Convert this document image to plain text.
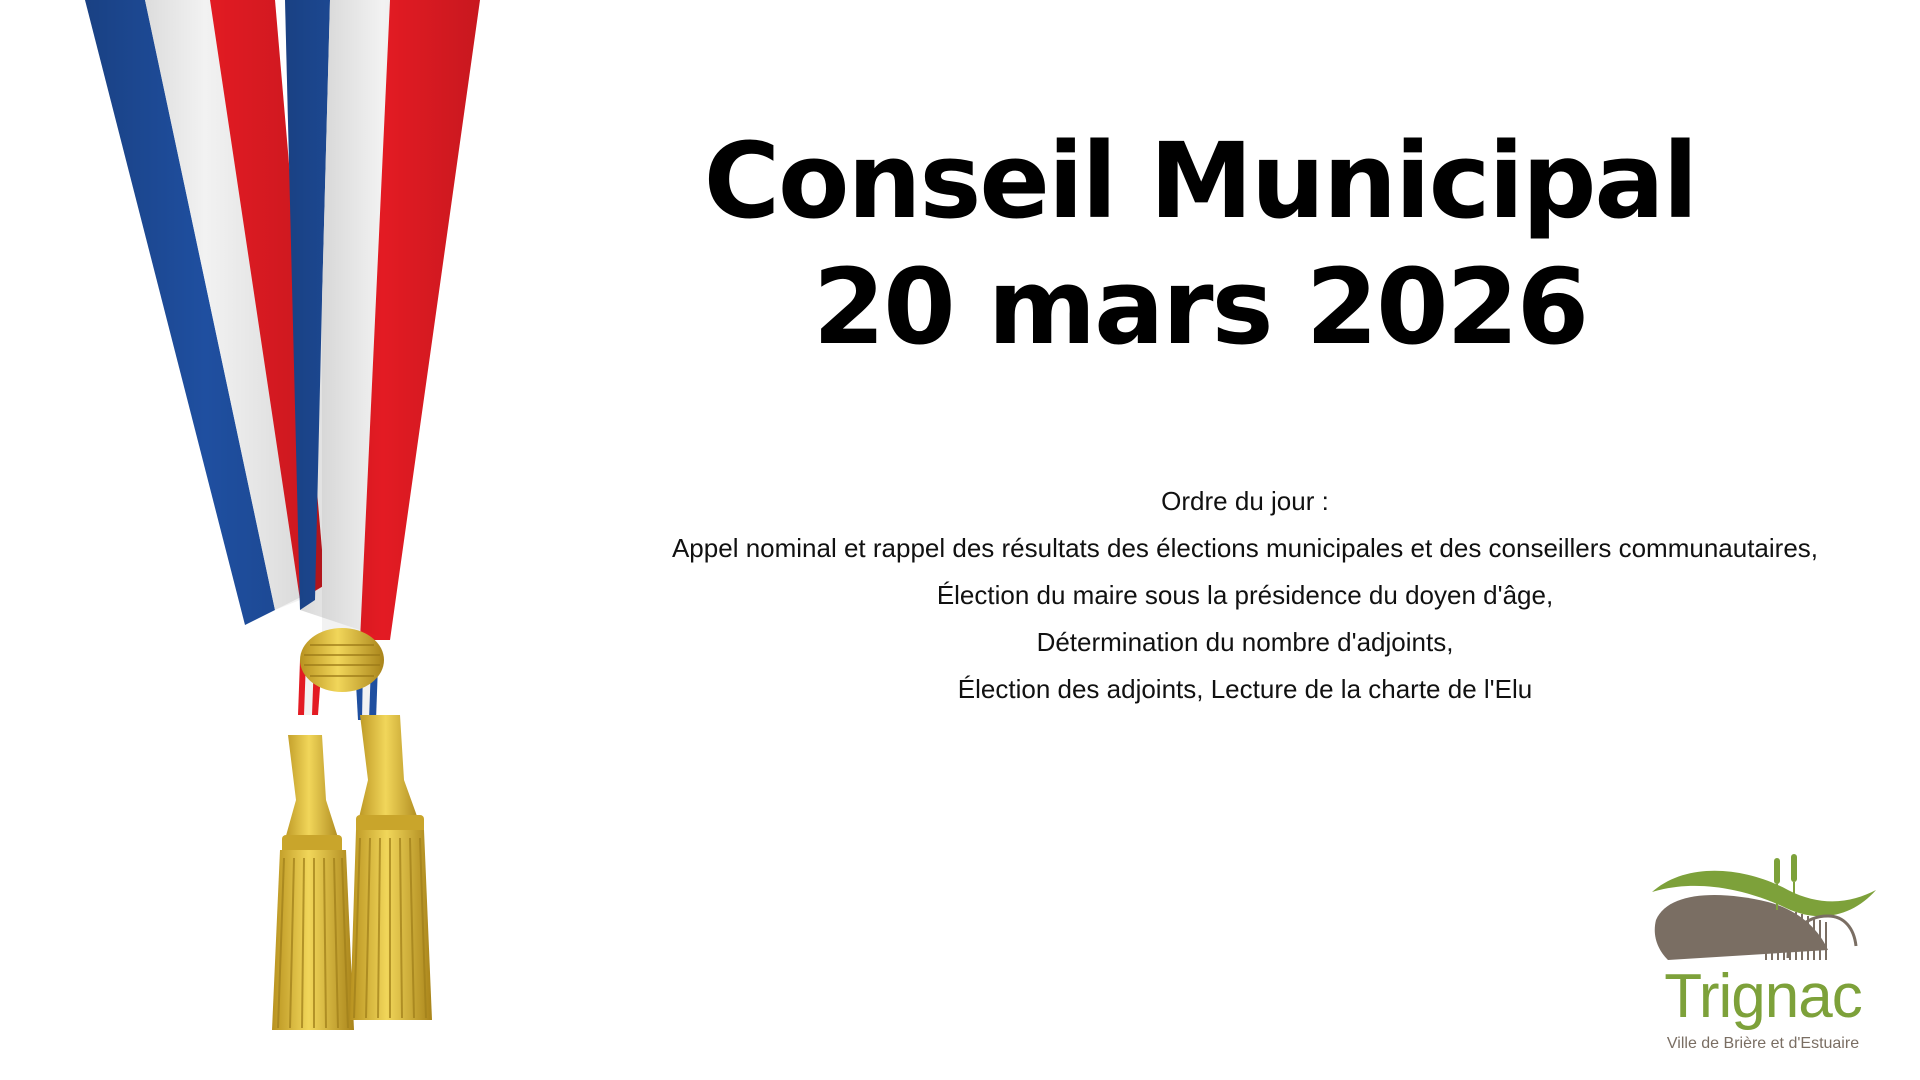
Conseil Municipal
20 mars 2026
Ordre du jour :
Appel nominal et rappel des résultats des élections municipales et des conseillers communautaires,
Élection du maire sous la présidence du doyen d'âge,
Détermination du nombre d'adjoints,
Élection des adjoints, Lecture de la charte de l'Elu
Trignac
Ville de Brière et d'Estuaire
